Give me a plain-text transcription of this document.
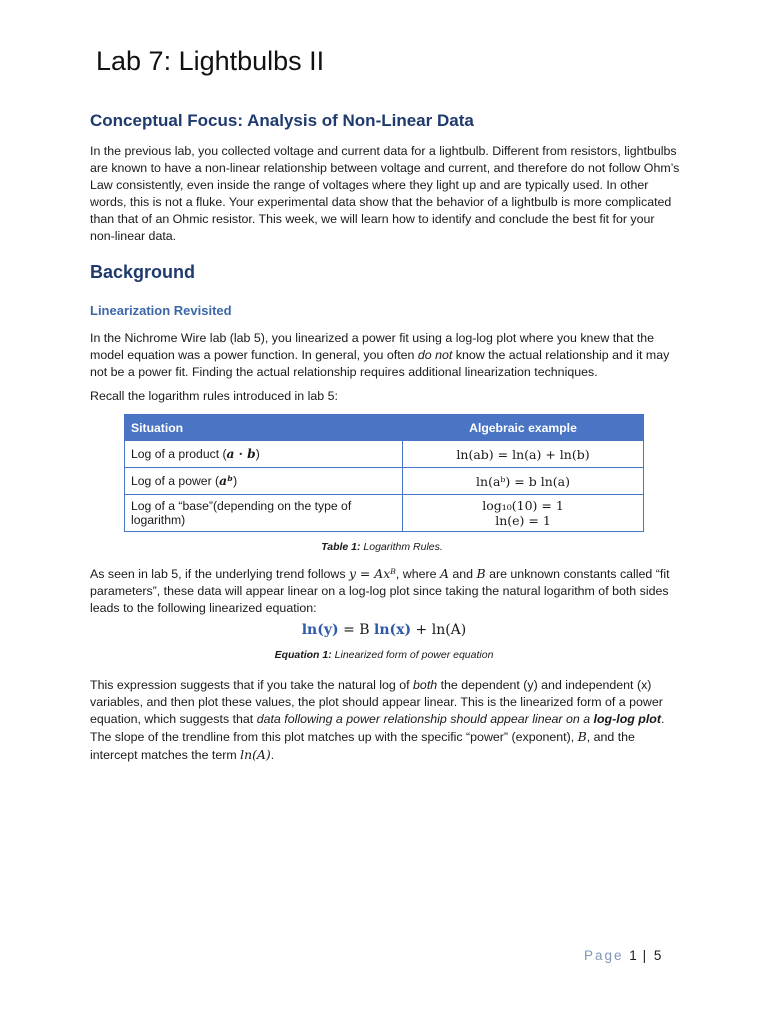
Lab 7: Lightbulbs II
Conceptual Focus: Analysis of Non-Linear Data
In the previous lab, you collected voltage and current data for a lightbulb. Different from resistors, lightbulbs are known to have a non-linear relationship between voltage and current, and therefore do not follow Ohm’s Law consistently, even inside the range of voltages where they light up and are typically used. In other words, this is not a fluke. Your experimental data show that the behavior of a lightbulb is more complicated than that of an Ohmic resistor. This week, we will learn how to identify and conclude the best fit for your non-linear data.
Background
Linearization Revisited
In the Nichrome Wire lab (lab 5), you linearized a power fit using a log-log plot where you knew that the model equation was a power function. In general, you often do not know the actual relationship and it may not be a power fit. Finding the actual relationship requires additional linearization techniques.
Recall the logarithm rules introduced in lab 5:
Situation	Algebraic example
Log of a product (a · b)	ln(ab) = ln(a) + ln(b)
Log of a power (aᵇ)	ln(aᵇ) = b ln(a)
Log of a “base”(depending on the type of logarithm)	log₁₀(10) = 1
ln(e) = 1
Table 1: Logarithm Rules.
As seen in lab 5, if the underlying trend follows y = Axᴮ, where A and B are unknown constants called “fit parameters”, these data will appear linear on a log-log plot since taking the natural logarithm of both sides leads to the following linearized equation:
ln(y) = B ln(x) + ln(A)
Equation 1: Linearized form of power equation
This expression suggests that if you take the natural log of both the dependent (y) and independent (x) variables, and then plot these values, the plot should appear linear. This is the linearized form of a power equation, which suggests that data following a power relationship should appear linear on a log-log plot. The slope of the trendline from this plot matches up with the specific “power” (exponent), B, and the intercept matches the term ln(A).
Page 1 | 5
